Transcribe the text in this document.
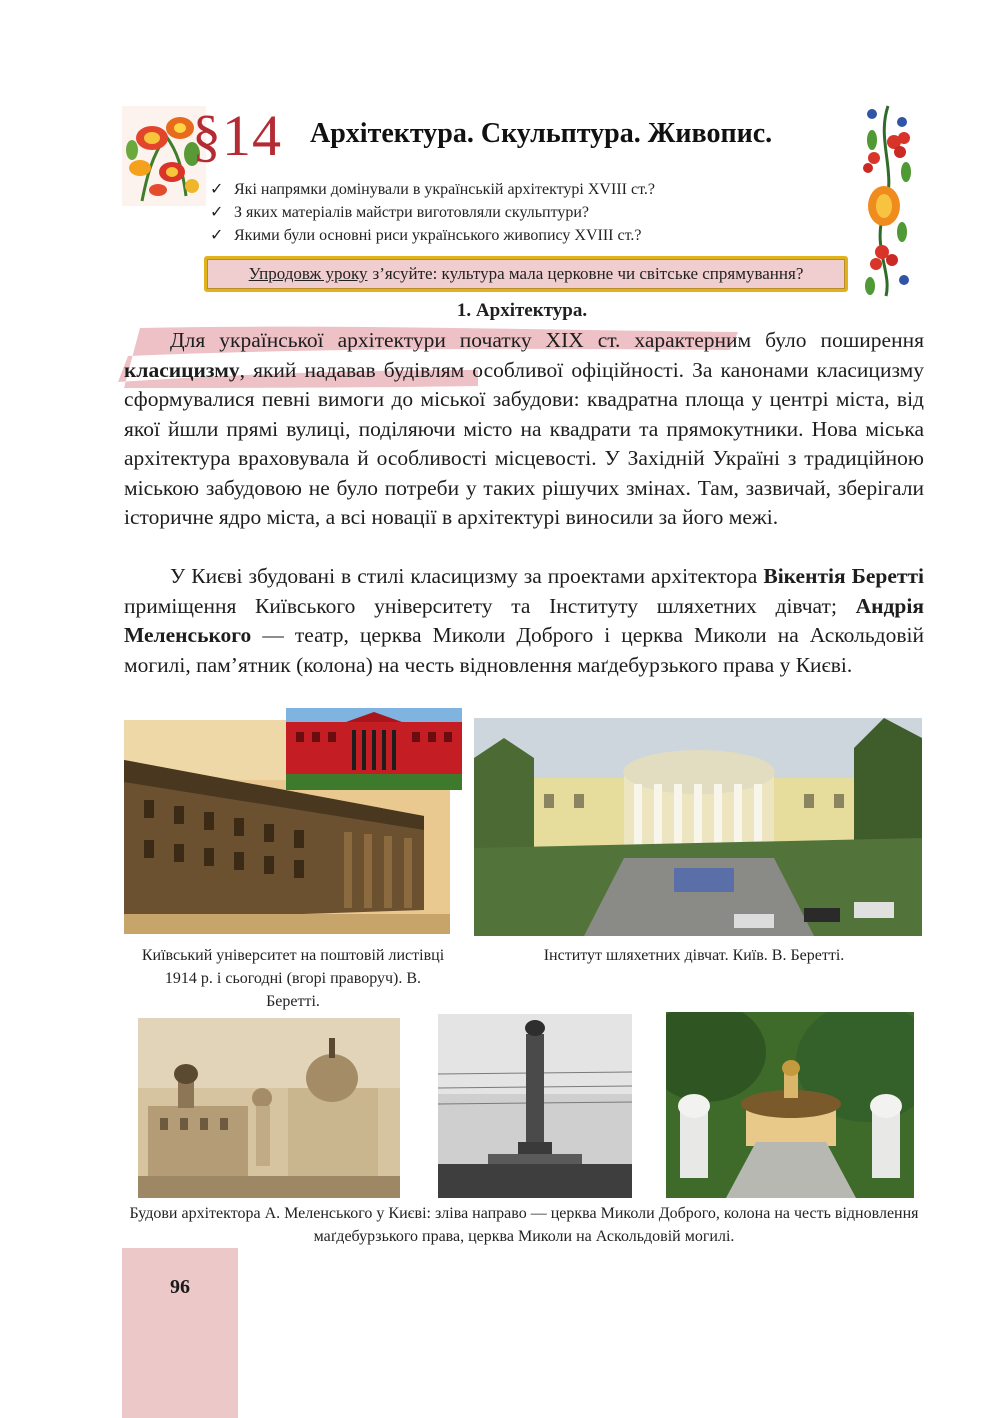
§14	Архітектура. Скульптура. Живопис.
✓ Які напрямки домінували в українській архітектурі XVIII ст.?
✓ З яких матеріалів майстри виготовляли скульптури?
✓ Якими були основні риси українського живопису XVIII ст.?
Упродовж уроку з’ясуйте: культура мала церковне чи світське спрямування?
1. Архітектура.

Для української архітектури початку XIX ст. характерним було поширення класицизму, який надавав будівлям особливої офіційності. За канонами класицизму сформувалися певні вимоги до міської забудови: квадратна площа у центрі міста, від якої йшли прямі вулиці, поділяючи місто на квадрати та прямокутники. Нова міська архітектура враховувала й особливості місцевості. У Західній Україні з традиційною міською забудовою не було потреби у таких рішучих змінах. Там, зазвичай, зберігали історичне ядро міста, а всі новації в архітектурі виносили за його межі.

У Києві збудовані в стилі класицизму за проектами архітектора Вікентія Беретті приміщення Київського університету та Інституту шляхетних дівчат; Андрія Меленського — театр, церква Миколи Доброго і церква Миколи на Аскольдовій могилі, пам’ятник (колона) на честь відновлення маґдебурзького права у Києві.

Київський університет на поштовій листівці 1914 р. і сьогодні (вгорі праворуч). В. Беретті.
Інститут шляхетних дівчат. Київ. В. Беретті.
Будови архітектора А. Меленського у Києві: зліва направо — церква Миколи Доброго, колона на честь відновлення маґдебурзького права, церква Миколи на Аскольдовій могилі.
96
